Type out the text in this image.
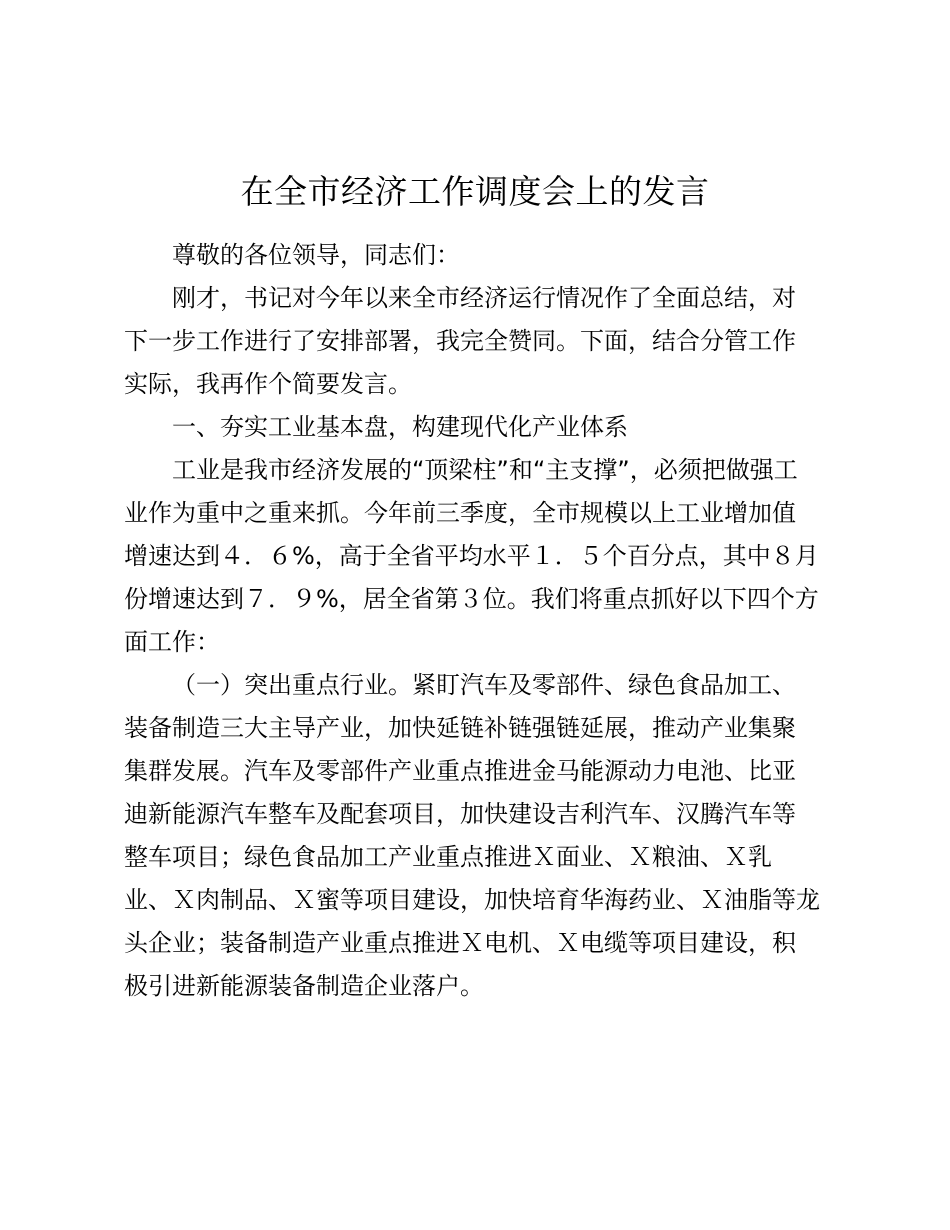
在全市经济工作调度会上的发言

尊敬的各位领导，同志们：

刚才，书记对今年以来全市经济运行情况作了全面总结，对

下一步工作进行了安排部署，我完全赞同。下面，结合分管工作

实际，我再作个简要发言。

一、夯实工业基本盘，构建现代化产业体系

工业是我市经济发展的“顶梁柱”和“主支撑”，必须把做强工

业作为重中之重来抓。今年前三季度，全市规模以上工业增加值

增速达到４．６%，高于全省平均水平１．５个百分点，其中８月

份增速达到７．９%，居全省第３位。我们将重点抓好以下四个方

面工作：

（一）突出重点行业。紧盯汽车及零部件、绿色食品加工、

装备制造三大主导产业，加快延链补链强链延展，推动产业集聚

集群发展。汽车及零部件产业重点推进金马能源动力电池、比亚

迪新能源汽车整车及配套项目，加快建设吉利汽车、汉腾汽车等

整车项目；绿色食品加工产业重点推进Ｘ面业、Ｘ粮油、Ｘ乳

业、Ｘ肉制品、Ｘ蜜等项目建设，加快培育华海药业、Ｘ油脂等龙

头企业；装备制造产业重点推进Ｘ电机、Ｘ电缆等项目建设，积

极引进新能源装备制造企业落户。
